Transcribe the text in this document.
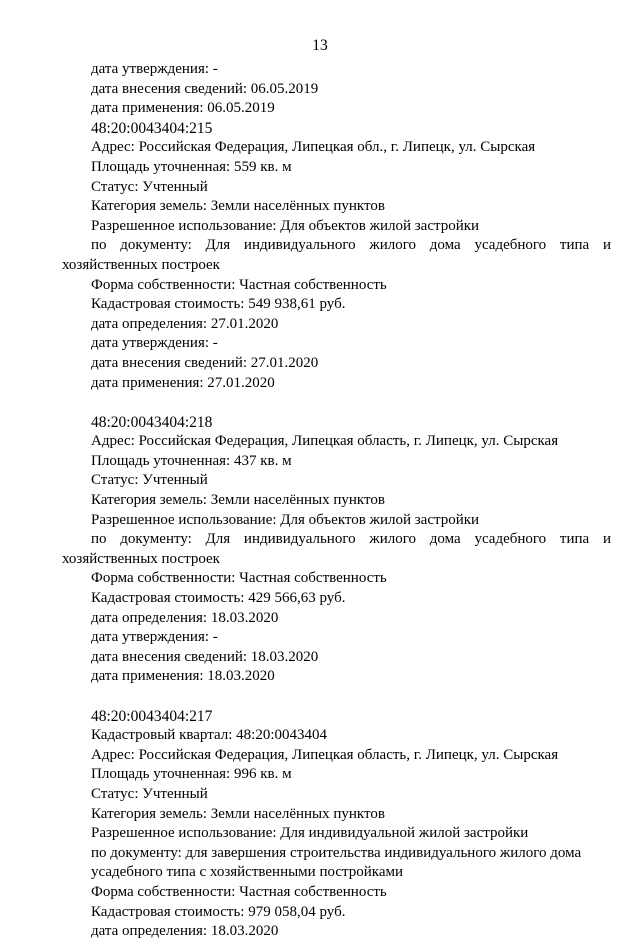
13
дата утверждения: -
дата внесения сведений: 06.05.2019
дата применения: 06.05.2019
48:20:0043404:215
Адрес: Российская Федерация, Липецкая обл., г. Липецк, ул. Сырская
Площадь уточненная: 559 кв. м
Статус: Учтенный
Категория земель: Земли населённых пунктов
Разрешенное использование: Для объектов жилой застройки
по документу: Для индивидуального жилого дома усадебного типа и хозяйственных построек
Форма собственности: Частная собственность
Кадастровая стоимость: 549 938,61 руб.
дата определения: 27.01.2020
дата утверждения: -
дата внесения сведений: 27.01.2020
дата применения: 27.01.2020
48:20:0043404:218
Адрес: Российская Федерация, Липецкая область, г. Липецк, ул. Сырская
Площадь уточненная: 437 кв. м
Статус: Учтенный
Категория земель: Земли населённых пунктов
Разрешенное использование: Для объектов жилой застройки
по документу: Для индивидуального жилого дома усадебного типа и хозяйственных построек
Форма собственности: Частная собственность
Кадастровая стоимость: 429 566,63 руб.
дата определения: 18.03.2020
дата утверждения: -
дата внесения сведений: 18.03.2020
дата применения: 18.03.2020
48:20:0043404:217
Кадастровый квартал: 48:20:0043404
Адрес: Российская Федерация, Липецкая область, г. Липецк, ул. Сырская
Площадь уточненная: 996 кв. м
Статус: Учтенный
Категория земель: Земли населённых пунктов
Разрешенное использование: Для индивидуальной жилой застройки
по документу: для завершения строительства индивидуального жилого дома
усадебного типа с хозяйственными постройками
Форма собственности: Частная собственность
Кадастровая стоимость: 979 058,04 руб.
дата определения: 18.03.2020
